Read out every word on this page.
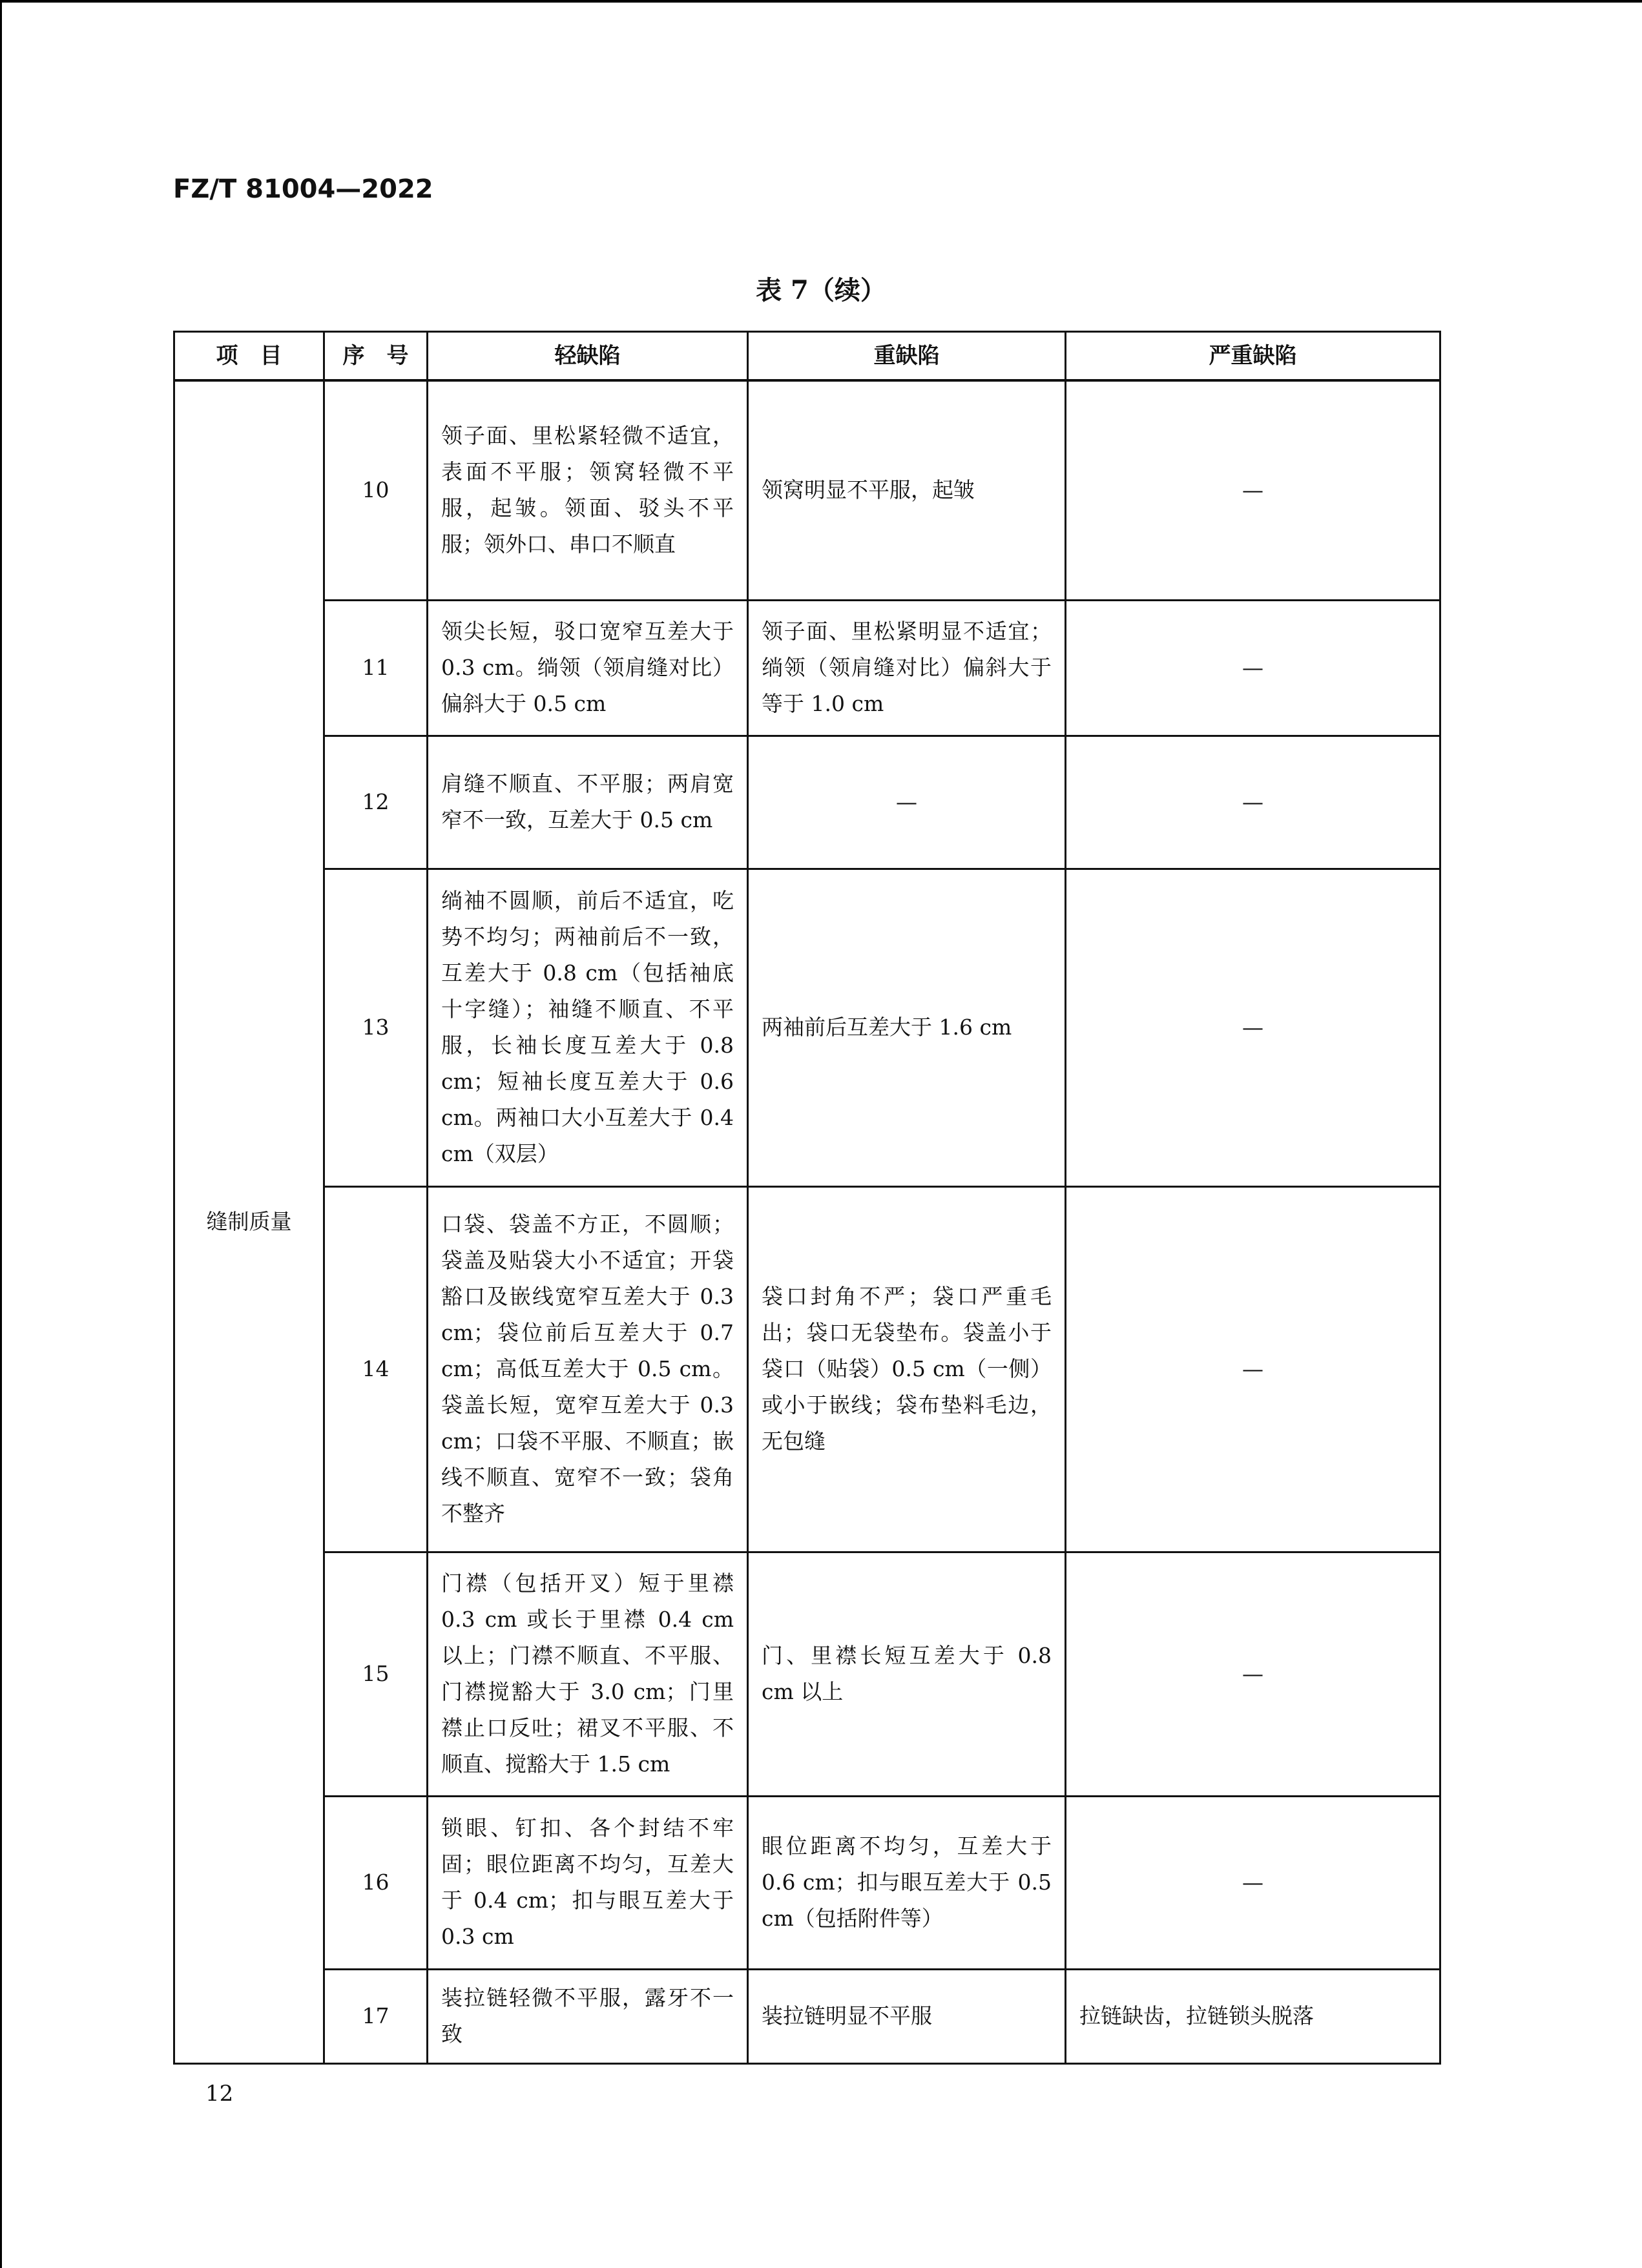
FZ/T 81004—2022
表 7（续）
项　目	序　号	轻缺陷	重缺陷	严重缺陷
缝制质量	10	领子面、里松紧轻微不适宜，表面不平服；领窝轻微不平服，起皱。领面、驳头不平服；领外口、串口不顺直	领窝明显不平服，起皱	—
	11	领尖长短，驳口宽窄互差大于 0.3 cm。绱领（领肩缝对比）偏斜大于 0.5 cm	领子面、里松紧明显不适宜；绱领（领肩缝对比）偏斜大于等于 1.0 cm	—
	12	肩缝不顺直、不平服；两肩宽窄不一致，互差大于 0.5 cm	—	—
	13	绱袖不圆顺，前后不适宜，吃势不均匀；两袖前后不一致，互差大于 0.8 cm（包括袖底十字缝）；袖缝不顺直、不平服，长袖长度互差大于 0.8 cm；短袖长度互差大于 0.6 cm。两袖口大小互差大于 0.4 cm（双层）	两袖前后互差大于 1.6 cm	—
	14	口袋、袋盖不方正，不圆顺；袋盖及贴袋大小不适宜；开袋豁口及嵌线宽窄互差大于 0.3 cm；袋位前后互差大于 0.7 cm；高低互差大于 0.5 cm。袋盖长短，宽窄互差大于 0.3 cm；口袋不平服、不顺直；嵌线不顺直、宽窄不一致；袋角不整齐	袋口封角不严；袋口严重毛出；袋口无袋垫布。袋盖小于袋口（贴袋）0.5 cm（一侧）或小于嵌线；袋布垫料毛边，无包缝	—
	15	门襟（包括开叉）短于里襟 0.3 cm 或长于里襟 0.4 cm 以上；门襟不顺直、不平服、门襟搅豁大于 3.0 cm；门里襟止口反吐；裙叉不平服、不顺直、搅豁大于 1.5 cm	门、里襟长短互差大于 0.8 cm 以上	—
	16	锁眼、钉扣、各个封结不牢固；眼位距离不均匀，互差大于 0.4 cm；扣与眼互差大于 0.3 cm	眼位距离不均匀，互差大于 0.6 cm；扣与眼互差大于 0.5 cm（包括附件等）	—
	17	装拉链轻微不平服，露牙不一致	装拉链明显不平服	拉链缺齿，拉链锁头脱落
12
